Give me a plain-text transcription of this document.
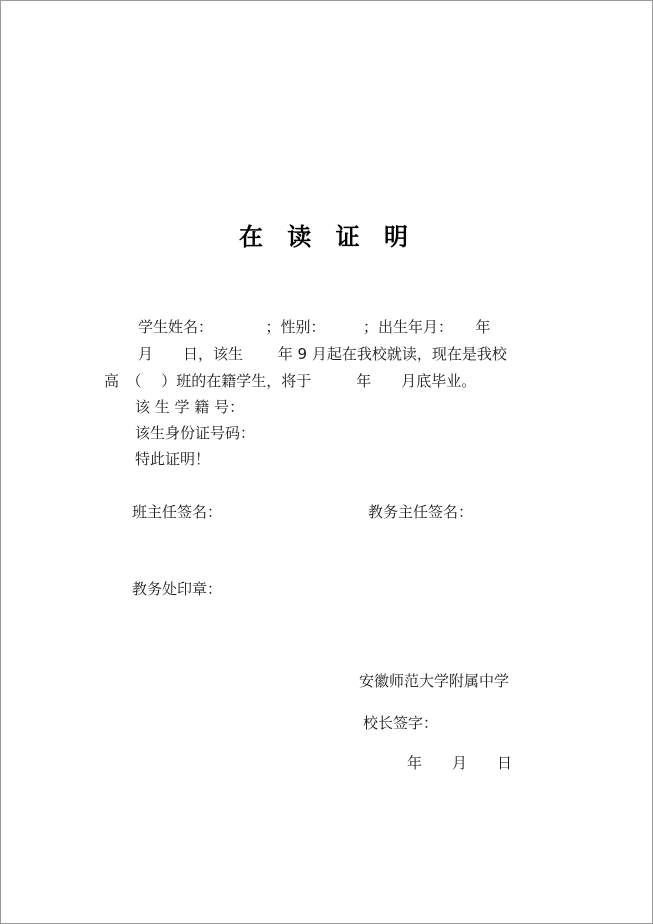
在 读 证 明
学生姓名：　　　　；性别：　　　；出生年月：　　年
月　　日，该生　　 年 9 月起在我校就读，现在是我校
高　（　 ）班的在籍学生，将于　　　年　　月底毕业。
该 生 学 籍 号：
该生身份证号码：
特此证明！
班主任签名：	教务主任签名：
教务处印章：
安徽师范大学附属中学
校长签字：
年　　月　　日
